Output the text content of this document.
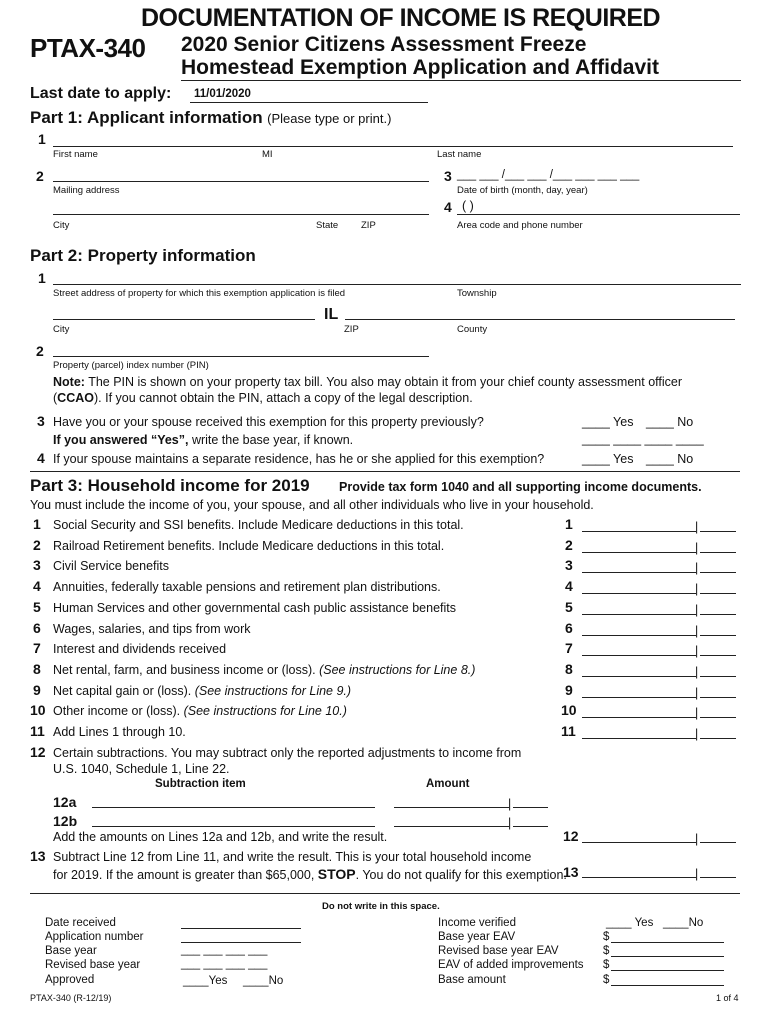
DOCUMENTATION OF INCOME IS REQUIRED
PTAX-340 2020 Senior Citizens Assessment Freeze
Homestead Exemption Application and Affidavit
Last date to apply: 11/01/2020
Part 1: Applicant information (Please type or print.)
1
First name	MI	Last name
2
Mailing address
3 ___ ___ /___ ___ /___ ___ ___ ___
Date of birth (month, day, year)
4 ( )
City	State ZIP	Area code and phone number
Part 2: Property information
1
Street address of property for which this exemption application is filed	Township
IL
City	ZIP	County
2
Property (parcel) index number (PIN)
Note: The PIN is shown on your property tax bill. You also may obtain it from your chief county assessment officer
(CCAO). If you cannot obtain the PIN, attach a copy of the legal description.
3 Have you or your spouse received this exemption for this property previously?	____ Yes ____ No
If you answered “Yes”, write the base year, if known.	____ ____ ____ ____
4 If your spouse maintains a separate residence, has he or she applied for this exemption?	____ Yes ____ No
Part 3: Household income for 2019 Provide tax form 1040 and all supporting income documents.
You must include the income of you, your spouse, and all other individuals who live in your household.
1 Social Security and SSI benefits. Include Medicare deductions in this total.	1	|
2 Railroad Retirement benefits. Include Medicare deductions in this total.	2	|
3 Civil Service benefits	3	|
4 Annuities, federally taxable pensions and retirement plan distributions.	4	|
5 Human Services and other governmental cash public assistance benefits	5	|
6 Wages, salaries, and tips from work	6	|
7 Interest and dividends received	7	|
8 Net rental, farm, and business income or (loss). (See instructions for Line 8.)	8	|
9 Net capital gain or (loss). (See instructions for Line 9.)	9	|
10 Other income or (loss). (See instructions for Line 10.)	10	|
11 Add Lines 1 through 10.	11	|
12 Certain subtractions. You may subtract only the reported adjustments to income from
U.S. 1040, Schedule 1, Line 22.
Subtraction item	Amount
12a	|
12b	|
Add the amounts on Lines 12a and 12b, and write the result.	12	|
13 Subtract Line 12 from Line 11, and write the result. This is your total household income
for 2019. If the amount is greater than $65,000, STOP. You do not qualify for this exemption.
13	|
Do not write in this space.
Date received
Application number
Base year	___ ___ ___ ___
Revised base year	___ ___ ___ ___
Approved	____Yes ____No
Income verified	____ Yes ____No
Base year EAV	$
Revised base year EAV	$
EAV of added improvements $
Base amount	$
PTAX-340 (R-12/19)	1 of 4
